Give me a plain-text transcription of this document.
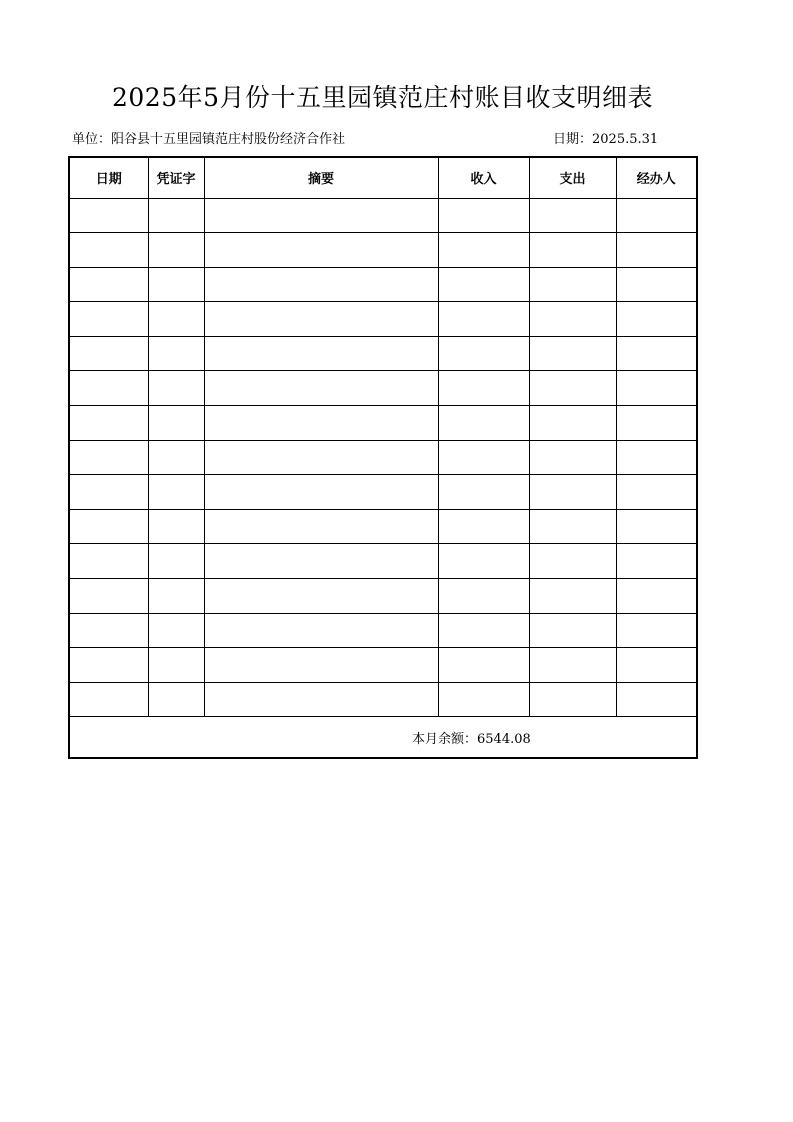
2025年5月份十五里园镇范庄村账目收支明细表
单位：阳谷县十五里园镇范庄村股份经济合作社	日期：2025.5.31
日期	凭证字	摘要	收入	支出	经办人

本月余额：6544.08					
